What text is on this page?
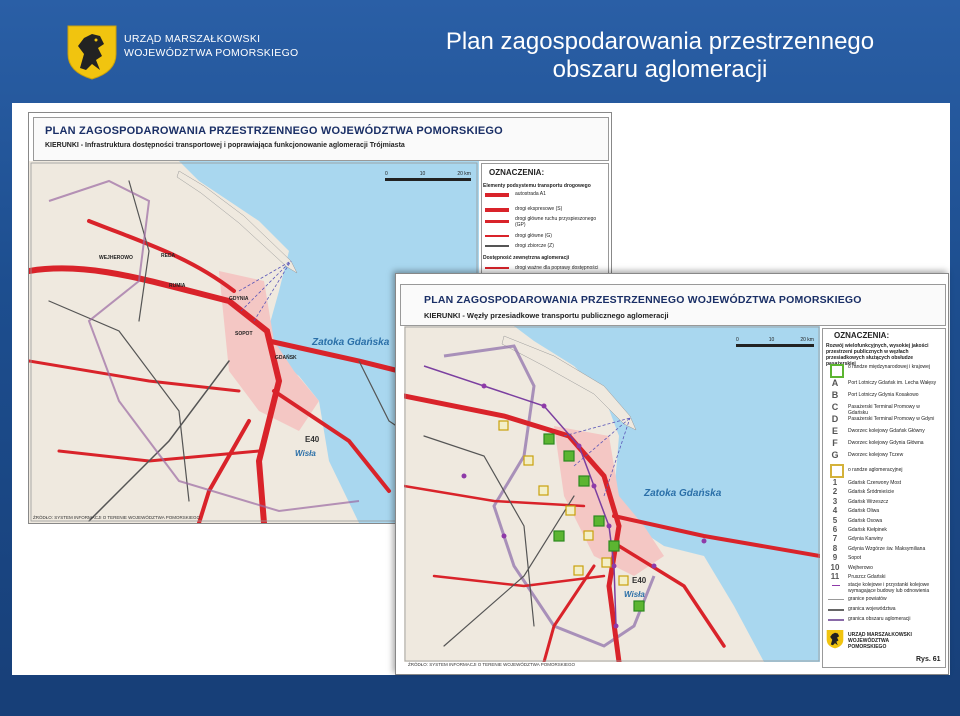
URZĄD MARSZAŁKOWSKI
WOJEWÓDZTWA POMORSKIEGO	Plan zagospodarowania przestrzennego
obszaru aglomeracji
PLAN ZAGOSPODAROWANIA PRZESTRZENNEGO WOJEWÓDZTWA POMORSKIEGO
KIERUNKI - Infrastruktura dostępności transportowej i poprawiająca funkcjonowanie aglomeracji Trójmiasta
Zatoka Gdańska
GDYNIA
SOPOT
GDAŃSK
WEJHEROWO
RUMIA
REDA
E40
Wisła
OZNACZENIA:
0	10	20 km
Elementy podsystemu transportu drogowego
autostrada A1
drogi ekspresowe (S)
drogi główne ruchu przyspieszonego (GP)
drogi główne (G)
drogi zbiorcze (Z)
Dostępność zewnętrzna aglomeracji
drogi ważne dla poprawy dostępności
ŹRÓDŁO: SYSTEM INFORMACJI O TERENIE WOJEWÓDZTWA POMORSKIEGO
PLAN ZAGOSPODAROWANIA PRZESTRZENNEGO WOJEWÓDZTWA POMORSKIEGO
KIERUNKI - Węzły przesiadkowe transportu publicznego aglomeracji
Zatoka Gdańska
E40
Wisła
0	10	20 km	OZNACZENIA:
Rozwój wielofunkcyjnych, wysokiej jakości przestrzeni publicznych w węzłach przesiadkowych służących obsłudze pasażerskiej
o randze międzynarodowej i krajowej
o randze aglomeracyjnej
stacje kolejowe i przystanki kolejowe wymagające budowy lub odnowienia
granice powiatów
granica województwa
granica obszaru aglomeracji
URZĄD MARSZAŁKOWSKI WOJEWÓDZTWA POMORSKIEGO
Rys. 61
ŹRÓDŁO: SYSTEM INFORMACJI O TERENIE WOJEWÓDZTWA POMORSKIEGO
A	Port Lotniczy Gdańsk im. Lecha Wałęsy
B	Port Lotniczy Gdynia Kosakowo
C	Pasażerski Terminal Promowy w Gdańsku
D	Pasażerski Terminal Promowy w Gdyni
E	Dworzec kolejowy Gdańsk Główny
F	Dworzec kolejowy Gdynia Główna
G	Dworzec kolejowy Tczew
1	Gdańsk Czerwony Most
2	Gdańsk Śródmieście
3	Gdańsk Wrzeszcz
4	Gdańsk Oliwa
5	Gdańsk Osowa
6	Gdańsk Kiełpinek
7	Gdynia Karwiny
8	Gdynia Wzgórze św. Maksymiliana
9	Sopot
10 Wejherowo
11 Pruszcz Gdański
